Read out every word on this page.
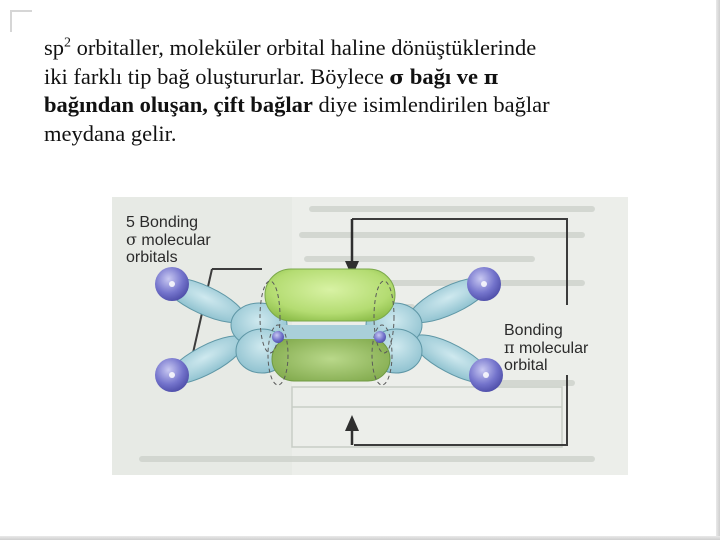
$sp^2$ orbitaller, moleküler orbital haline dönüştüklerinde
iki farklı tip bağ oluştururlar. Böylece σ bağı ve π
bağından oluşan, çift bağlar diye isimlendirilen bağlar
meydana gelir.
5 Bonding
σ molecular
orbitals
Bonding
π molecular
orbital
